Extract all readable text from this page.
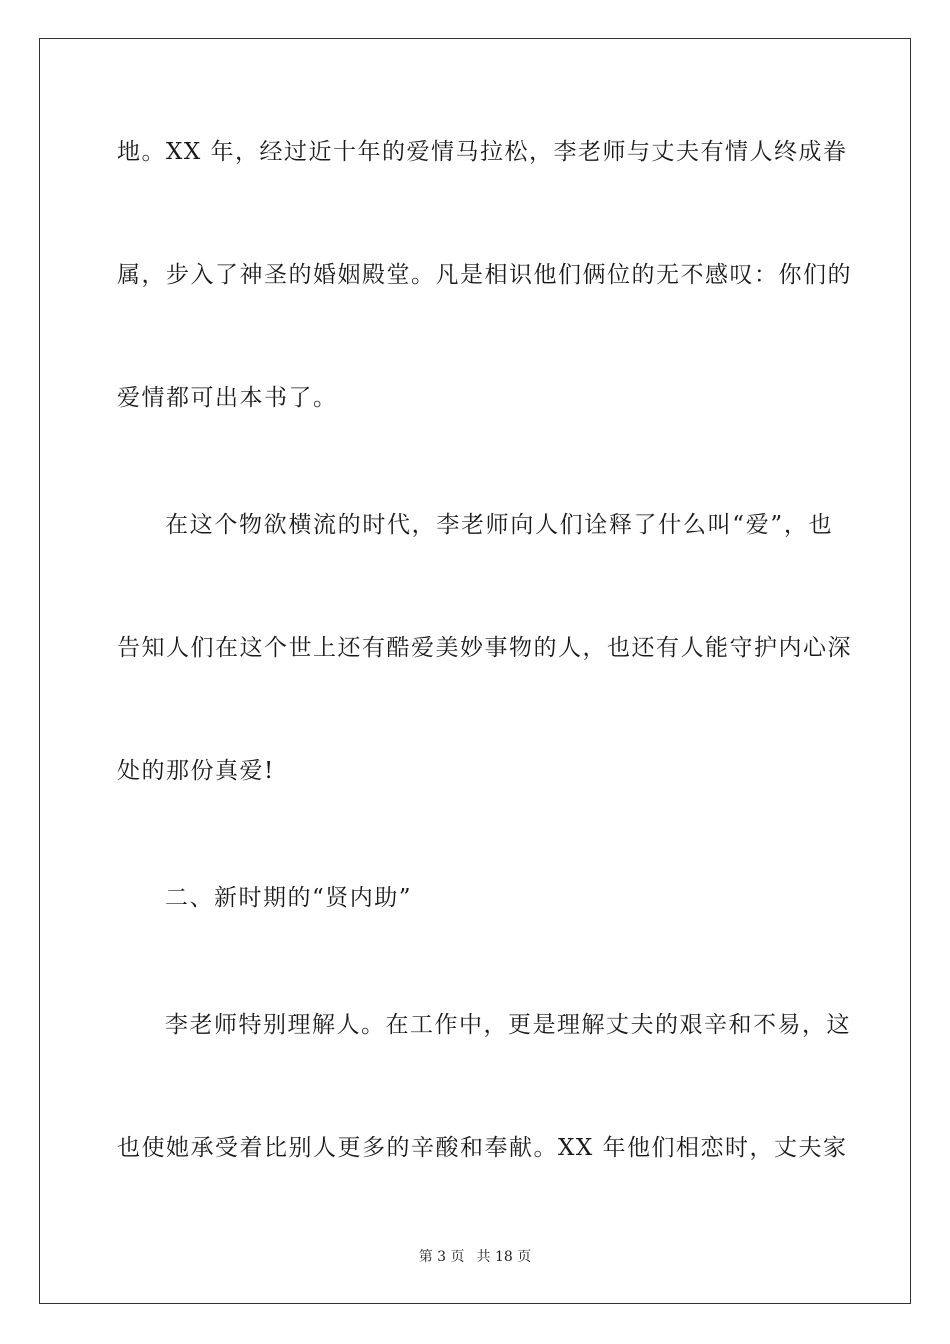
地。XX 年，经过近十年的爱情马拉松，李老师与丈夫有情人终成眷
属，步入了神圣的婚姻殿堂。凡是相识他们俩位的无不感叹：你们的
爱情都可出本书了。
在这个物欲横流的时代，李老师向人们诠释了什么叫“爱”，也
告知人们在这个世上还有酷爱美妙事物的人，也还有人能守护内心深
处的那份真爱!
二、新时期的“贤内助”
李老师特别理解人。在工作中，更是理解丈夫的艰辛和不易，这
也使她承受着比别人更多的辛酸和奉献。XX 年他们相恋时，丈夫家
第 3 页 共 18 页
